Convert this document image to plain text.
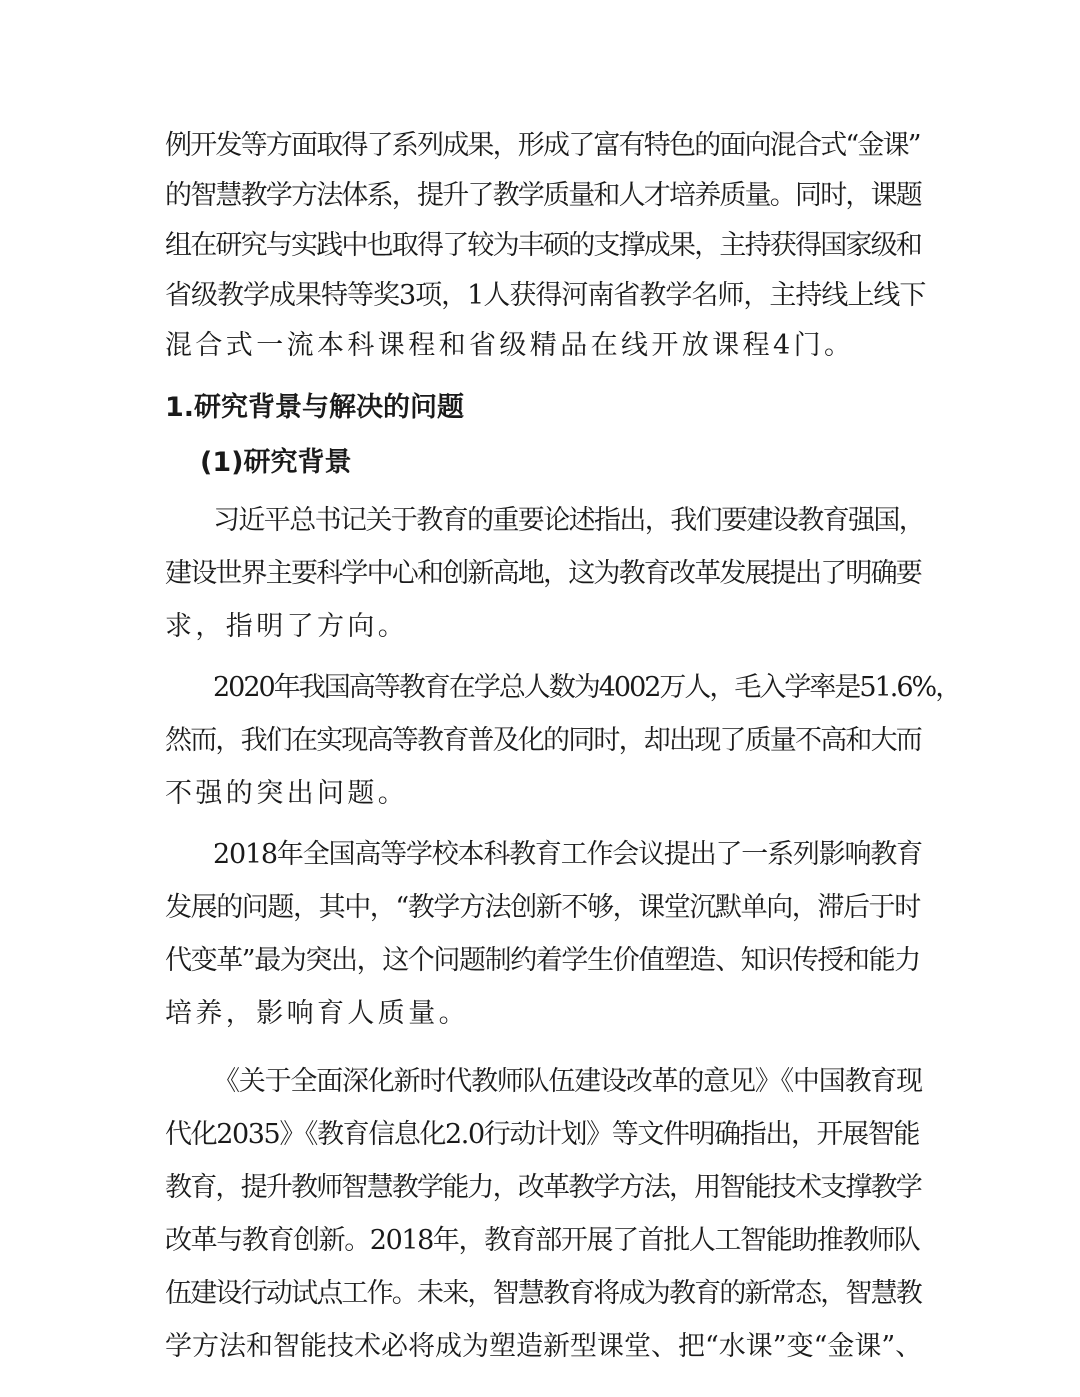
例开发等方面取得了系列成果，形成了富有特色的面向混合式“金课”
的智慧教学方法体系，提升了教学质量和人才培养质量。同时，课题
组在研究与实践中也取得了较为丰硕的支撑成果，主持获得国家级和
省级教学成果特等奖3项，1人获得河南省教学名师，主持线上线下
混合式一流本科课程和省级精品在线开放课程4门。
1.研究背景与解决的问题
(1)研究背景
习近平总书记关于教育的重要论述指出，我们要建设教育强国，
建设世界主要科学中心和创新高地，这为教育改革发展提出了明确要
求，指明了方向。
2020年我国高等教育在学总人数为4002万人，毛入学率是51.6%，
然而，我们在实现高等教育普及化的同时，却出现了质量不高和大而
不强的突出问题。
2018年全国高等学校本科教育工作会议提出了一系列影响教育
发展的问题，其中，“教学方法创新不够，课堂沉默单向，滞后于时
代变革”最为突出，这个问题制约着学生价值塑造、知识传授和能力
培养，影响育人质量。
《关于全面深化新时代教师队伍建设改革的意见》《中国教育现
代化2035》《教育信息化2.0行动计划》等文件明确指出，开展智能
教育，提升教师智慧教学能力，改革教学方法，用智能技术支撑教学
改革与教育创新。2018年，教育部开展了首批人工智能助推教师队
伍建设行动试点工作。未来，智慧教育将成为教育的新常态，智慧教
学方法和智能技术必将成为塑造新型课堂、把“水课”变“金课”、
